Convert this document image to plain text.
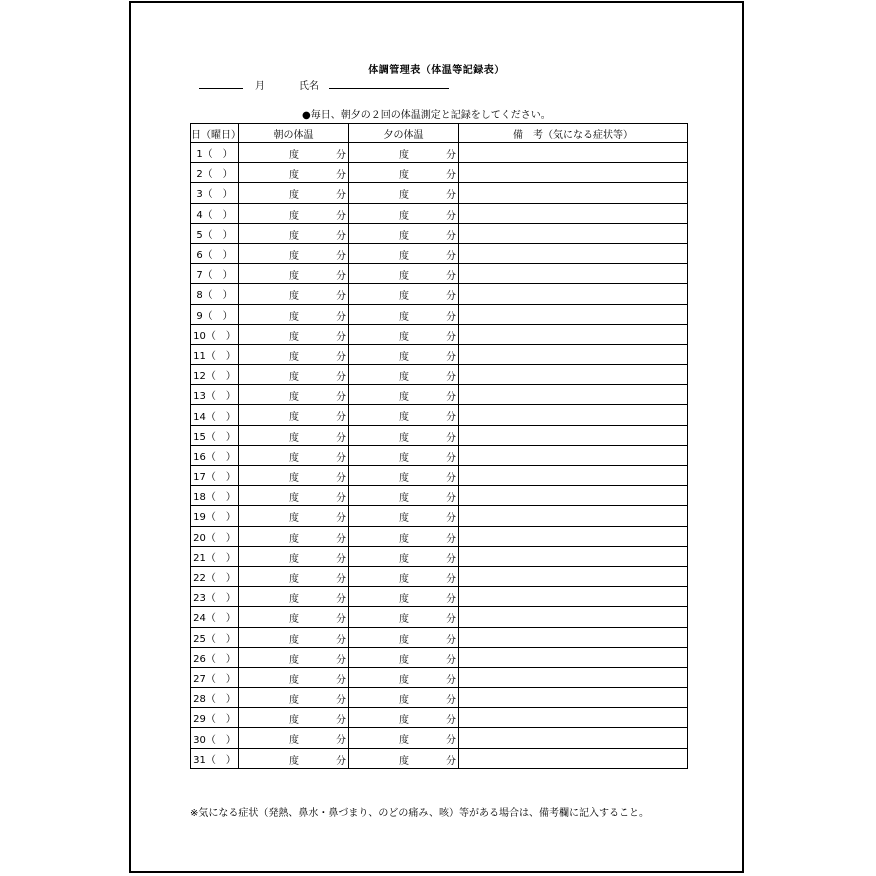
体調管理表（体温等記録表）
月	氏名
●毎日、朝夕の２回の体温測定と記録をしてください。
日（曜日）	朝の体温	夕の体温	備　考（気になる症状等）
1（　）	度 分	度 分	

2（　）	度 分	度 分	

3（　）	度 分	度 分	

4（　）	度 分	度 分	

5（　）	度 分	度 分	

6（　）	度 分	度 分	

7（　）	度 分	度 分	

8（　）	度 分	度 分	

9（　）	度 分	度 分	

10（　）	度 分	度 分	

11（　）	度 分	度 分	

12（　）	度 分	度 分	

13（　）	度 分	度 分	

14（　）	度 分	度 分	

15（　）	度 分	度 分	

16（　）	度 分	度 分	

17（　）	度 分	度 分	

18（　）	度 分	度 分	

19（　）	度 分	度 分	

20（　）	度 分	度 分	

21（　）	度 分	度 分	

22（　）	度 分	度 分	

23（　）	度 分	度 分	

24（　）	度 分	度 分	

25（　）	度 分	度 分	

26（　）	度 分	度 分	

27（　）	度 分	度 分	

28（　）	度 分	度 分	

29（　）	度 分	度 分	

30（　）	度 分	度 分	

31（　）	度 分	度 分	

※気になる症状（発熱、鼻水・鼻づまり、のどの痛み、咳）等がある場合は、備考欄に記入すること。
